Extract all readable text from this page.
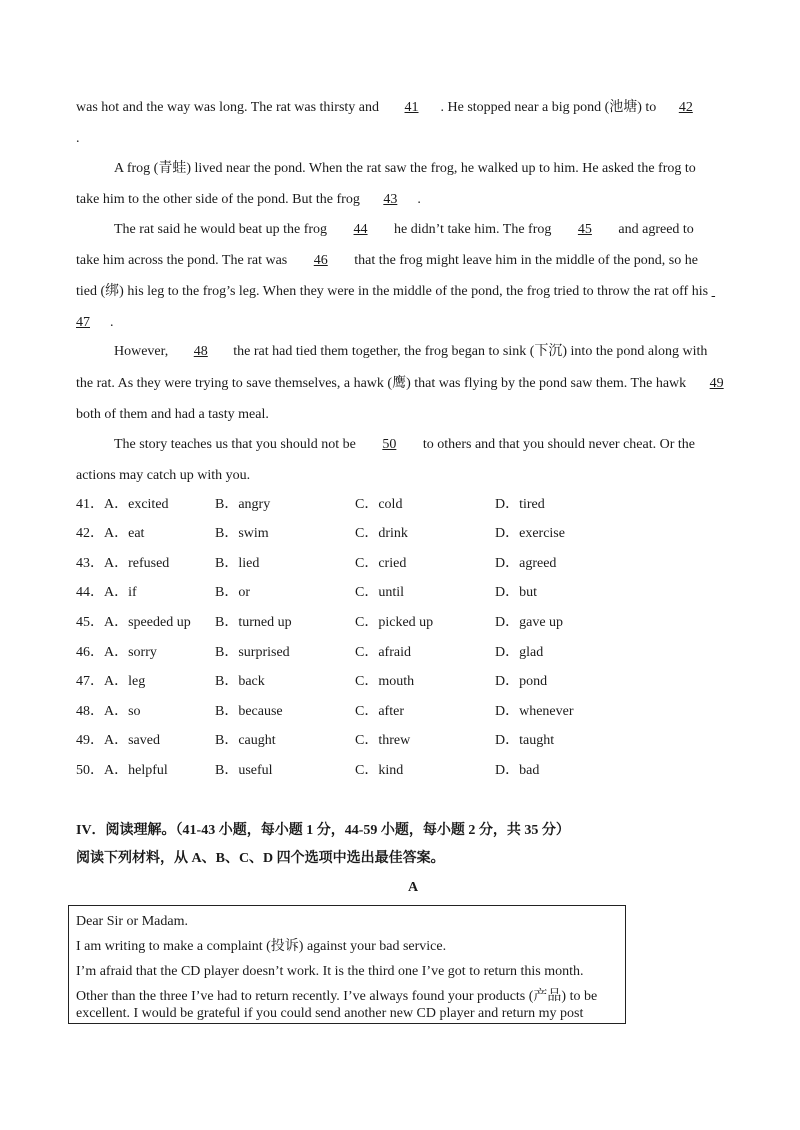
was hot and the way was long. The rat was thirsty and 41 . He stopped near a big pond (池塘) to 42
.
A frog (青蛙) lived near the pond. When the rat saw the frog, he walked up to him. He asked the frog to
take him to the other side of the pond. But the frog 43 .
The rat said he would beat up the frog 44 he didn’t take him. The frog 45 and agreed to
take him across the pond. The rat was 46 that the frog might leave him in the middle of the pond, so he
tied (绑) his leg to the frog’s leg. When they were in the middle of the pond, the frog tried to throw the rat off his
47 .
However, 48 the rat had tied them together, the frog began to sink (下沉) into the pond along with
the rat. As they were trying to save themselves, a hawk (鹰) that was flying by the pond saw them. The hawk 49
both of them and had a tasty meal.
The story teaches us that you should not be 50 to others and that you should never cheat. Or the
actions may catch up with you.
41． A．excited	B．angry	C．cold	D．tired
42． A．eat	B．swim	C．drink	D．exercise
43． A．refused	B．lied	C．cried	D．agreed
44． A．if	B．or	C．until	D．but
45． A．speeded up B．turned up	C．picked up	D．gave up
46． A．sorry	B．surprised	C．afraid	D．glad
47． A．leg	B．back	C．mouth	D．pond
48． A．so	B．because	C．after	D．whenever
49． A．saved	B．caught	C．threw	D．taught
50． A．helpful	B．useful	C．kind	D．bad
IV．阅读理解。（41-43 小题，每小题 1 分，44-59 小题，每小题 2 分，共 35 分）
阅读下列材料，从 A、B、C、D 四个选项中选出最佳答案。
A
Dear Sir or Madam.
I am writing to make a complaint (投诉) against your bad service.
I’m afraid that the CD player doesn’t work. It is the third one I’ve got to return this month.
Other than the three I’ve had to return recently. I’ve always found your products (产品) to be
excellent. I would be grateful if you could send another new CD player and return my post
